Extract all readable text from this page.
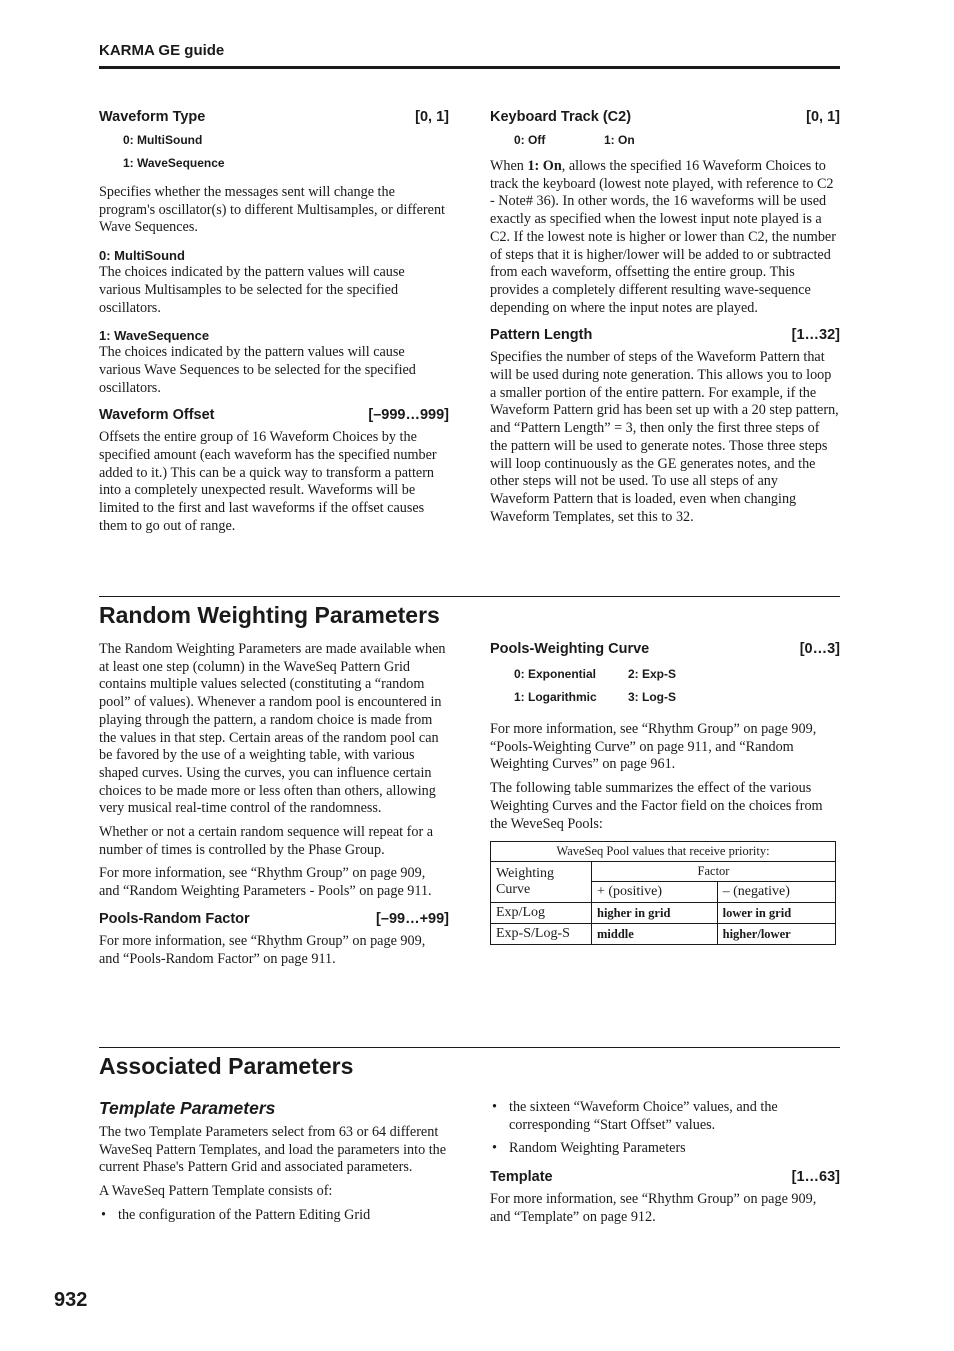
KARMA GE guide
Waveform Type	[0, 1]
0: MultiSound
1: WaveSequence

Specifies whether the messages sent will change the program's oscillator(s) to different Multisamples, or different Wave Sequences.

0: MultiSound

The choices indicated by the pattern values will cause various Multisamples to be selected for the specified oscillators.

1: WaveSequence

The choices indicated by the pattern values will cause various Wave Sequences to be selected for the specified oscillators.

Waveform Offset	[–999…999]

Offsets the entire group of 16 Waveform Choices by the specified amount (each waveform has the specified number added to it.) This can be a quick way to transform a pattern into a completely unexpected result. Waveforms will be limited to the first and last waveforms if the offset causes them to go out of range.

Keyboard Track (C2)	[0, 1]
0: Off	1: On

When 1: On, allows the specified 16 Waveform Choices to track the keyboard (lowest note played, with reference to C2 - Note# 36). In other words, the 16 waveforms will be used exactly as specified when the lowest input note played is a C2. If the lowest note is higher or lower than C2, the number of steps that it is higher/lower will be added to or subtracted from each waveform, offsetting the entire group. This provides a completely different resulting wave-sequence depending on where the input notes are played.

Pattern Length	[1…32]

Specifies the number of steps of the Waveform Pattern that will be used during note generation. This allows you to loop a smaller portion of the entire pattern. For example, if the Waveform Pattern grid has been set up with a 20 step pattern, and “Pattern Length” = 3, then only the first three steps of the pattern will be used to generate notes. Those three steps will loop continuously as the GE generates notes, and the other steps will not be used. To use all steps of any Waveform Pattern that is loaded, even when changing Waveform Templates, set this to 32.

Random Weighting Parameters

The Random Weighting Parameters are made available when at least one step (column) in the WaveSeq Pattern Grid contains multiple values selected (constituting a “random pool” of values). Whenever a random pool is encountered in playing through the pattern, a random choice is made from the values in that step. Certain areas of the random pool can be favored by the use of a weighting table, with various shaped curves. Using the curves, you can influence certain choices to be made more or less often than others, allowing very musical real-time control of the randomness.

Whether or not a certain random sequence will repeat for a number of times is controlled by the Phase Group.

For more information, see “Rhythm Group” on page 909, and “Random Weighting Parameters - Pools” on page 911.

Pools-Random Factor	[–99…+99]

For more information, see “Rhythm Group” on page 909, and “Pools-Random Factor” on page 911.

Pools-Weighting Curve	[0…3]
0: Exponential	2: Exp-S
1: Logarithmic	3: Log-S

For more information, see “Rhythm Group” on page 909, “Pools-Weighting Curve” on page 911, and “Random Weighting Curves” on page 961.

The following table summarizes the effect of the various Weighting Curves and the Factor field on the choices from the WeveSeq Pools:

WaveSeq Pool values that receive priority:		
Weighting Curve	Factor	
	+ (positive)	– (negative)
Exp/Log	higher in grid	lower in grid
Exp-S/Log-S	middle	higher/lower
Associated Parameters
Template Parameters

The two Template Parameters select from 63 or 64 different WaveSeq Pattern Templates, and load the parameters into the current Phase's Pattern Grid and associated parameters.

A WaveSeq Pattern Template consists of:

• the configuration of the Pattern Editing Grid
• the sixteen “Waveform Choice” values, and the corresponding “Start Offset” values.
• Random Weighting Parameters
Template	[1…63]

For more information, see “Rhythm Group” on page 909, and “Template” on page 912.

932
